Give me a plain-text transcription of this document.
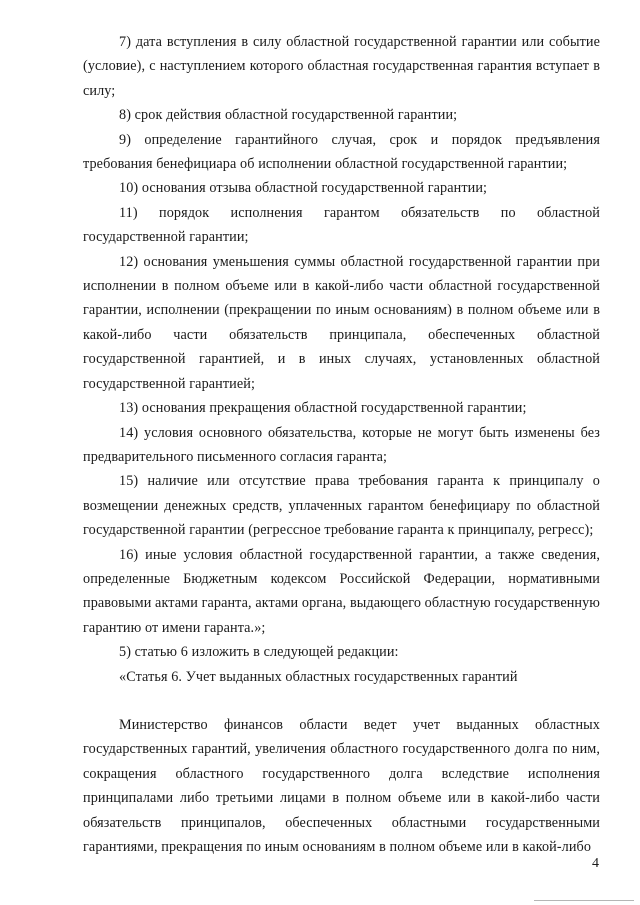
7) дата вступления в силу областной государственной гарантии или событие (условие), с наступлением которого областная государственная гарантия вступает в силу;

8) срок действия областной государственной гарантии;

9) определение гарантийного случая, срок и порядок предъявления требования бенефициара об исполнении областной государственной гарантии;

10) основания отзыва областной государственной гарантии;

11) порядок исполнения гарантом обязательств по областной государственной гарантии;

12) основания уменьшения суммы областной государственной гарантии при исполнении в полном объеме или в какой-либо части областной государственной гарантии, исполнении (прекращении по иным основаниям) в полном объеме или в какой-либо части обязательств принципала, обеспеченных областной государственной гарантией, и в иных случаях, установленных областной государственной гарантией;

13) основания прекращения областной государственной гарантии;

14) условия основного обязательства, которые не могут быть изменены без предварительного письменного согласия гаранта;

15) наличие или отсутствие права требования гаранта к принципалу о возмещении денежных средств, уплаченных гарантом бенефициару по областной государственной гарантии (регрессное требование гаранта к принципалу, регресс);

16) иные условия областной государственной гарантии, а также сведения, определенные Бюджетным кодексом Российской Федерации, нормативными правовыми актами гаранта, актами органа, выдающего областную государственную гарантию от имени гаранта.»;

5) статью 6 изложить в следующей редакции:

«Статья 6. Учет выданных областных государственных гарантий

Министерство финансов области ведет учет выданных областных государственных гарантий, увеличения областного государственного долга по ним, сокращения областного государственного долга вследствие исполнения принципалами либо третьими лицами в полном объеме или в какой-либо части обязательств принципалов, обеспеченных областными государственными гарантиями, прекращения по иным основаниям в полном объеме или в какой-либо

4
